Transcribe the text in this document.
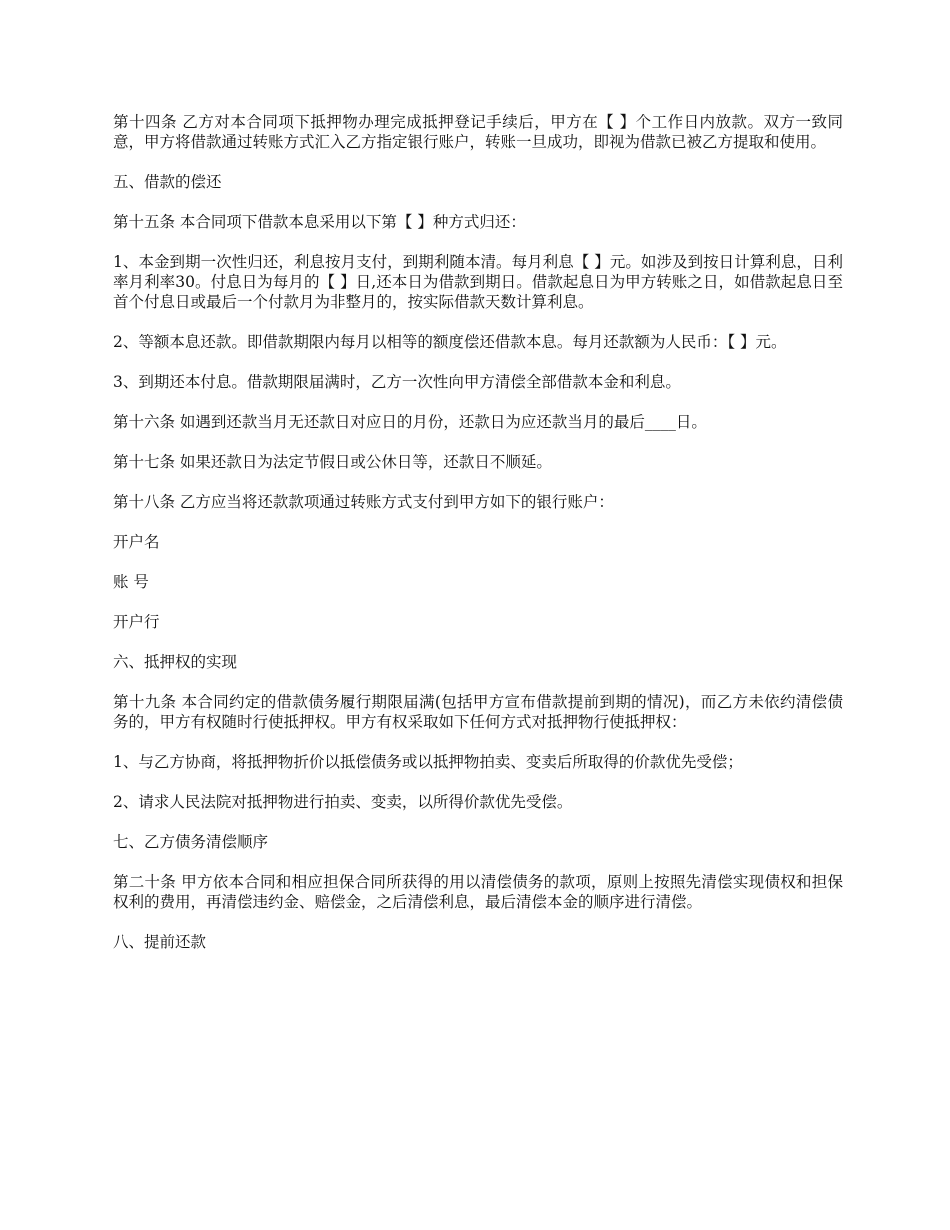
第十四条 乙方对本合同项下抵押物办理完成抵押登记手续后，甲方在【 】个工作日内放款。双方一致同意，甲方将借款通过转账方式汇入乙方指定银行账户，转账一旦成功，即视为借款已被乙方提取和使用。

五、借款的偿还

第十五条 本合同项下借款本息采用以下第【 】种方式归还：

1、本金到期一次性归还，利息按月支付，到期利随本清。每月利息【 】元。如涉及到按日计算利息，日利率月利率30。付息日为每月的【 】日,还本日为借款到期日。借款起息日为甲方转账之日，如借款起息日至首个付息日或最后一个付款月为非整月的，按实际借款天数计算利息。

2、等额本息还款。即借款期限内每月以相等的额度偿还借款本息。每月还款额为人民币：【 】元。

3、到期还本付息。借款期限届满时，乙方一次性向甲方清偿全部借款本金和利息。

第十六条 如遇到还款当月无还款日对应日的月份，还款日为应还款当月的最后____日。

第十七条 如果还款日为法定节假日或公休日等，还款日不顺延。

第十八条 乙方应当将还款款项通过转账方式支付到甲方如下的银行账户：

开户名

账 号

开户行

六、抵押权的实现

第十九条 本合同约定的借款债务履行期限届满(包括甲方宣布借款提前到期的情况)，而乙方未依约清偿债务的，甲方有权随时行使抵押权。甲方有权采取如下任何方式对抵押物行使抵押权：

1、与乙方协商，将抵押物折价以抵偿债务或以抵押物拍卖、变卖后所取得的价款优先受偿；

2、请求人民法院对抵押物进行拍卖、变卖，以所得价款优先受偿。

七、乙方债务清偿顺序

第二十条 甲方依本合同和相应担保合同所获得的用以清偿债务的款项，原则上按照先清偿实现债权和担保权利的费用，再清偿违约金、赔偿金，之后清偿利息，最后清偿本金的顺序进行清偿。

八、提前还款
